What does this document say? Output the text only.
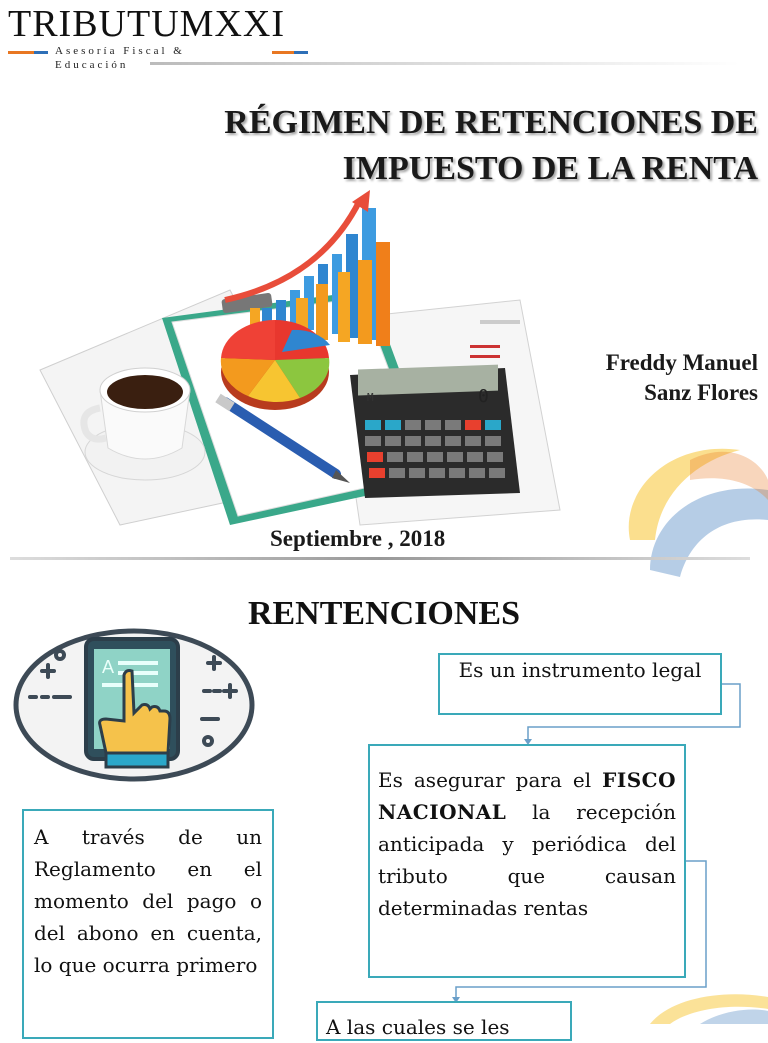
TRIBUTUMXXI
Asesoría Fiscal & Educación
RÉGIMEN DE RETENCIONES DE
IMPUESTO DE LA RENTA
M	0
Freddy Manuel
Sanz Flores
Septiembre , 2018
RENTENCIONES
A	Es un instrumento legal
Es asegurar para el FISCO NACIONAL la recepción anticipada y periódica del tributo que causan determinadas rentas
A través de un Reglamento en el momento del pago o del abono en cuenta, lo que ocurra primero
A las cuales se les
